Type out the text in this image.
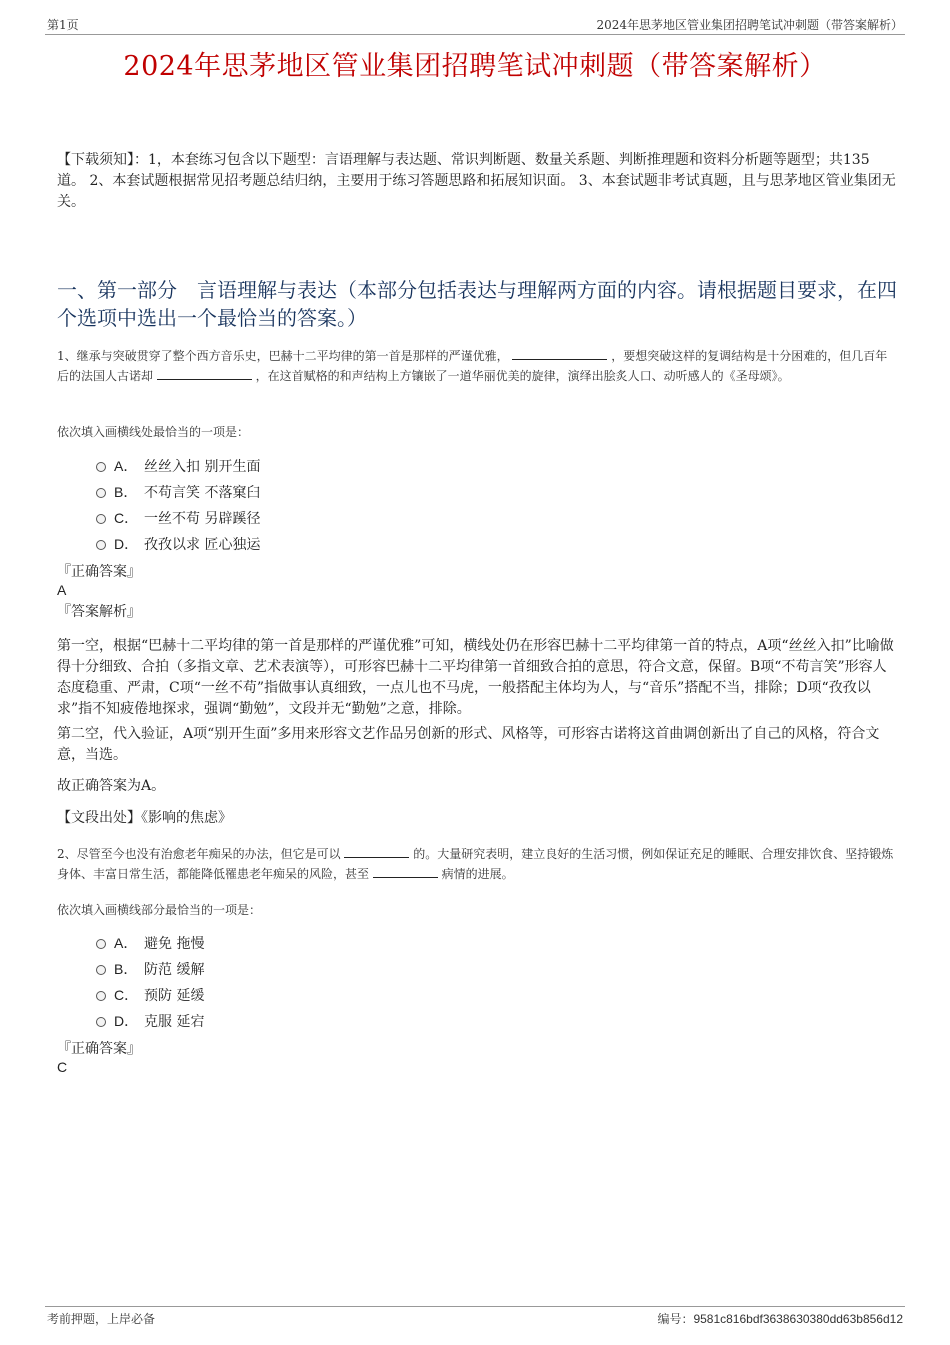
第1页	2024年思茅地区管业集团招聘笔试冲刺题（带答案解析）
2024年思茅地区管业集团招聘笔试冲刺题（带答案解析）
【下载须知】：1，本套练习包含以下题型：言语理解与表达题、常识判断题、数量关系题、判断推理题和资料分析题等题型；共135道。 2、本套试题根据常见招考题总结归纳，主要用于练习答题思路和拓展知识面。 3、本套试题非考试真题，且与思茅地区管业集团无关。
一、第一部分　言语理解与表达（本部分包括表达与理解两方面的内容。请根据题目要求，在四个选项中选出一个最恰当的答案。）
1、继承与突破贯穿了整个西方音乐史，巴赫十二平均律的第一首是那样的严谨优雅，	，要想突破这样的复调结构是十分困难的，但几百年后的法国人古诺却	，在这首赋格的和声结构上方镶嵌了一道华丽优美的旋律，演绎出脍炙人口、动听感人的《圣母颂》。
依次填入画横线处最恰当的一项是：
A． 丝丝入扣 别开生面
B． 不苟言笑 不落窠臼
C． 一丝不苟 另辟蹊径
D． 孜孜以求 匠心独运
『正确答案』
A
『答案解析』
第一空，根据“巴赫十二平均律的第一首是那样的严谨优雅”可知，横线处仍在形容巴赫十二平均律第一首的特点，A项“丝丝入扣”比喻做得十分细致、合拍（多指文章、艺术表演等），可形容巴赫十二平均律第一首细致合拍的意思，符合文意，保留。B项“不苟言笑”形容人态度稳重、严肃，C项“一丝不苟”指做事认真细致，一点儿也不马虎，一般搭配主体均为人，与“音乐”搭配不当，排除；D项“孜孜以求”指不知疲倦地探求，强调“勤勉”，文段并无“勤勉”之意，排除。
第二空，代入验证，A项“别开生面”多用来形容文艺作品另创新的形式、风格等，可形容古诺将这首曲调创新出了自己的风格，符合文意，当选。
故正确答案为A。
【文段出处】《影响的焦虑》
2、尽管至今也没有治愈老年痴呆的办法，但它是可以	的。大量研究表明，建立良好的生活习惯，例如保证充足的睡眠、合理安排饮食、坚持锻炼身体、丰富日常生活，都能降低罹患老年痴呆的风险，甚至	病情的进展。
依次填入画横线部分最恰当的一项是：
A． 避免 拖慢
B． 防范 缓解
C． 预防 延缓
D． 克服 延宕
『正确答案』
C
考前押题，上岸必备	编号：9581c816bdf3638630380dd63b856d12
